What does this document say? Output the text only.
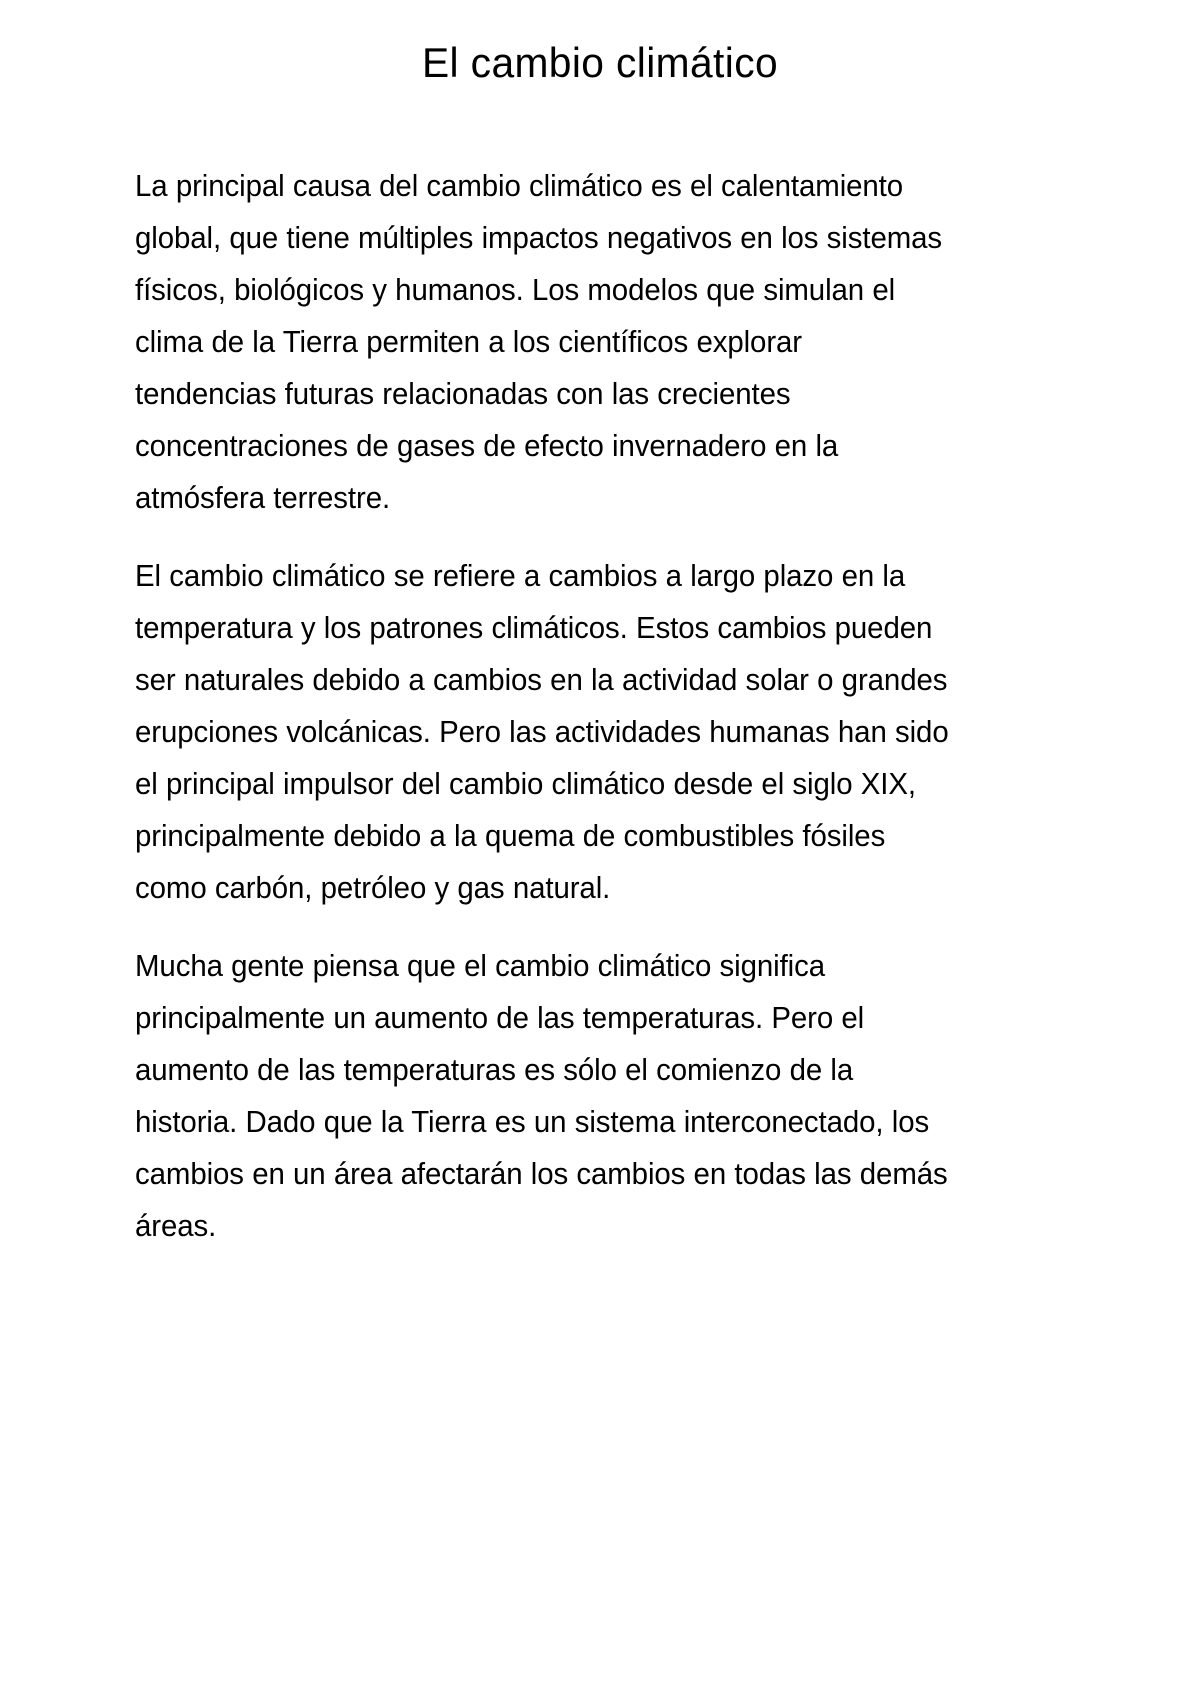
El cambio climático

La principal causa del cambio climático es el calentamiento global, que tiene múltiples impactos negativos en los sistemas físicos, biológicos y humanos. Los modelos que simulan el clima de la Tierra permiten a los científicos explorar tendencias futuras relacionadas con las crecientes concentraciones de gases de efecto invernadero en la atmósfera terrestre.

El cambio climático se refiere a cambios a largo plazo en la temperatura y los patrones climáticos. Estos cambios pueden ser naturales debido a cambios en la actividad solar o grandes erupciones volcánicas. Pero las actividades humanas han sido el principal impulsor del cambio climático desde el siglo XIX, principalmente debido a la quema de combustibles fósiles como carbón, petróleo y gas natural.

Mucha gente piensa que el cambio climático significa principalmente un aumento de las temperaturas. Pero el aumento de las temperaturas es sólo el comienzo de la historia. Dado que la Tierra es un sistema interconectado, los cambios en un área afectarán los cambios en todas las demás áreas.
